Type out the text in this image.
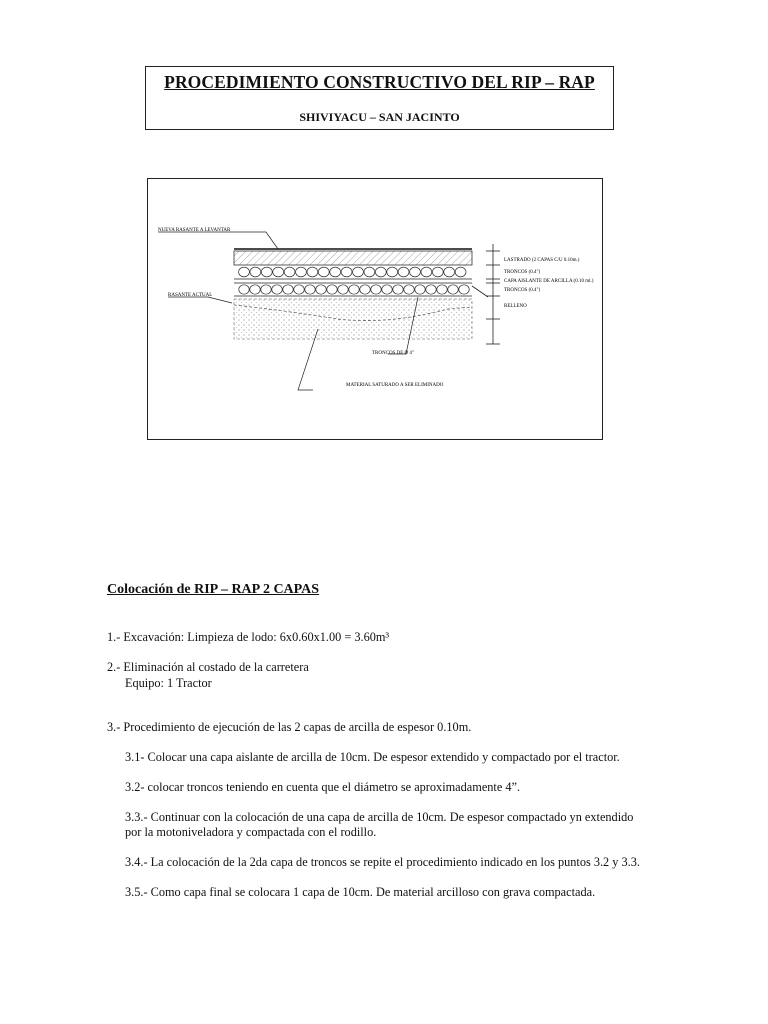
PROCEDIMIENTO CONSTRUCTIVO DEL RIP – RAP
SHIVIYACU – SAN JACINTO
NUEVA RASANTE A LEVANTAR
RASANTE ACTUAL
LASTRADO (2 CAPAS C/U 0.10m.)
TRONCOS (0.4")
CAPA AISLANTE DE ARCILLA (0.10 ml.)
TRONCOS (0.4")
RELLENO
TRONCOS DE Ø 4"
MATERIAL SATURADO A SER ELIMINADO
Colocación de RIP – RAP 2 CAPAS
1.- Excavación: Limpieza de lodo: 6x0.60x1.00 = 3.60m³
2.- Eliminación al costado de la carretera
Equipo: 1 Tractor
3.- Procedimiento de ejecución de las 2 capas de arcilla de espesor 0.10m.
3.1- Colocar una capa aislante de arcilla de 10cm. De espesor extendido y compactado por el tractor.
3.2- colocar troncos teniendo en cuenta que el diámetro se aproximadamente 4”.
3.3.- Continuar con la colocación de una capa de arcilla de 10cm. De espesor compactado yn extendido
por la motoniveladora y compactada con el rodillo.
3.4.- La colocación de la 2da capa de troncos se repite el procedimiento indicado en los puntos 3.2 y 3.3.
3.5.- Como capa final se colocara 1 capa de 10cm. De material arcilloso con grava compactada.
